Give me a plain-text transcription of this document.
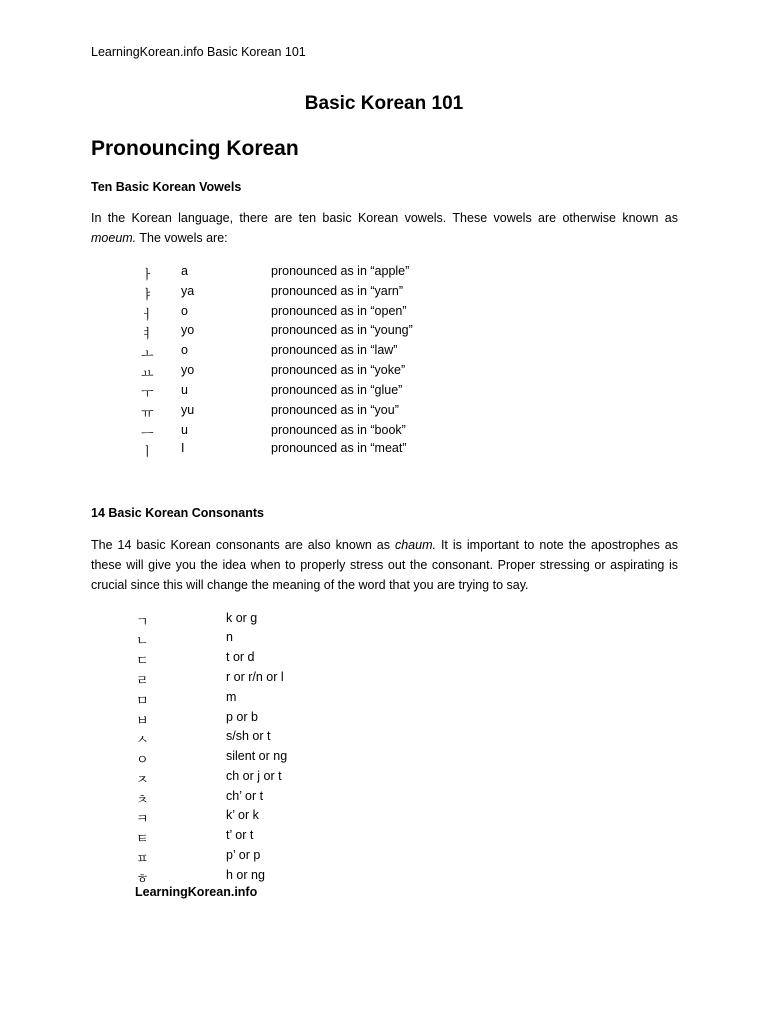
LearningKorean.info Basic Korean 101
Basic Korean 101
Pronouncing Korean
Ten Basic Korean Vowels
In the Korean language, there are ten basic Korean vowels. These vowels are otherwise known as
moeum. The vowels are:
ㅏ a	pronounced as in “apple”
ㅑ ya	pronounced as in “yarn”
ㅓ o	pronounced as in “open”
ㅕ yo	pronounced as in “young”
ㅗ o	pronounced as in “law”
ㅛ yo	pronounced as in “yoke”
ㅜ u	pronounced as in “glue”
ㅠ yu	pronounced as in “you”
ㅡ u	pronounced as in “book”
ㅣ I	pronounced as in “meat”
14 Basic Korean Consonants
The 14 basic Korean consonants are also known as chaum. It is important to note the apostrophes as
these will give you the idea when to properly stress out the consonant. Proper stressing or aspirating is
crucial since this will change the meaning of the word that you are trying to say.
ㄱ	k or g
ㄴ	n
ㄷ	t or d
ㄹ	r or r/n or l
ㅁ	m
ㅂ	p or b
ㅅ	s/sh or t
ㅇ	silent or ng
ㅈ	ch or j or t
ㅊ	ch’ or t
ㅋ	k’ or k
ㅌ	t’ or t
ㅍ	p’ or p
ㅎ	h or ng
LearningKorean.info
